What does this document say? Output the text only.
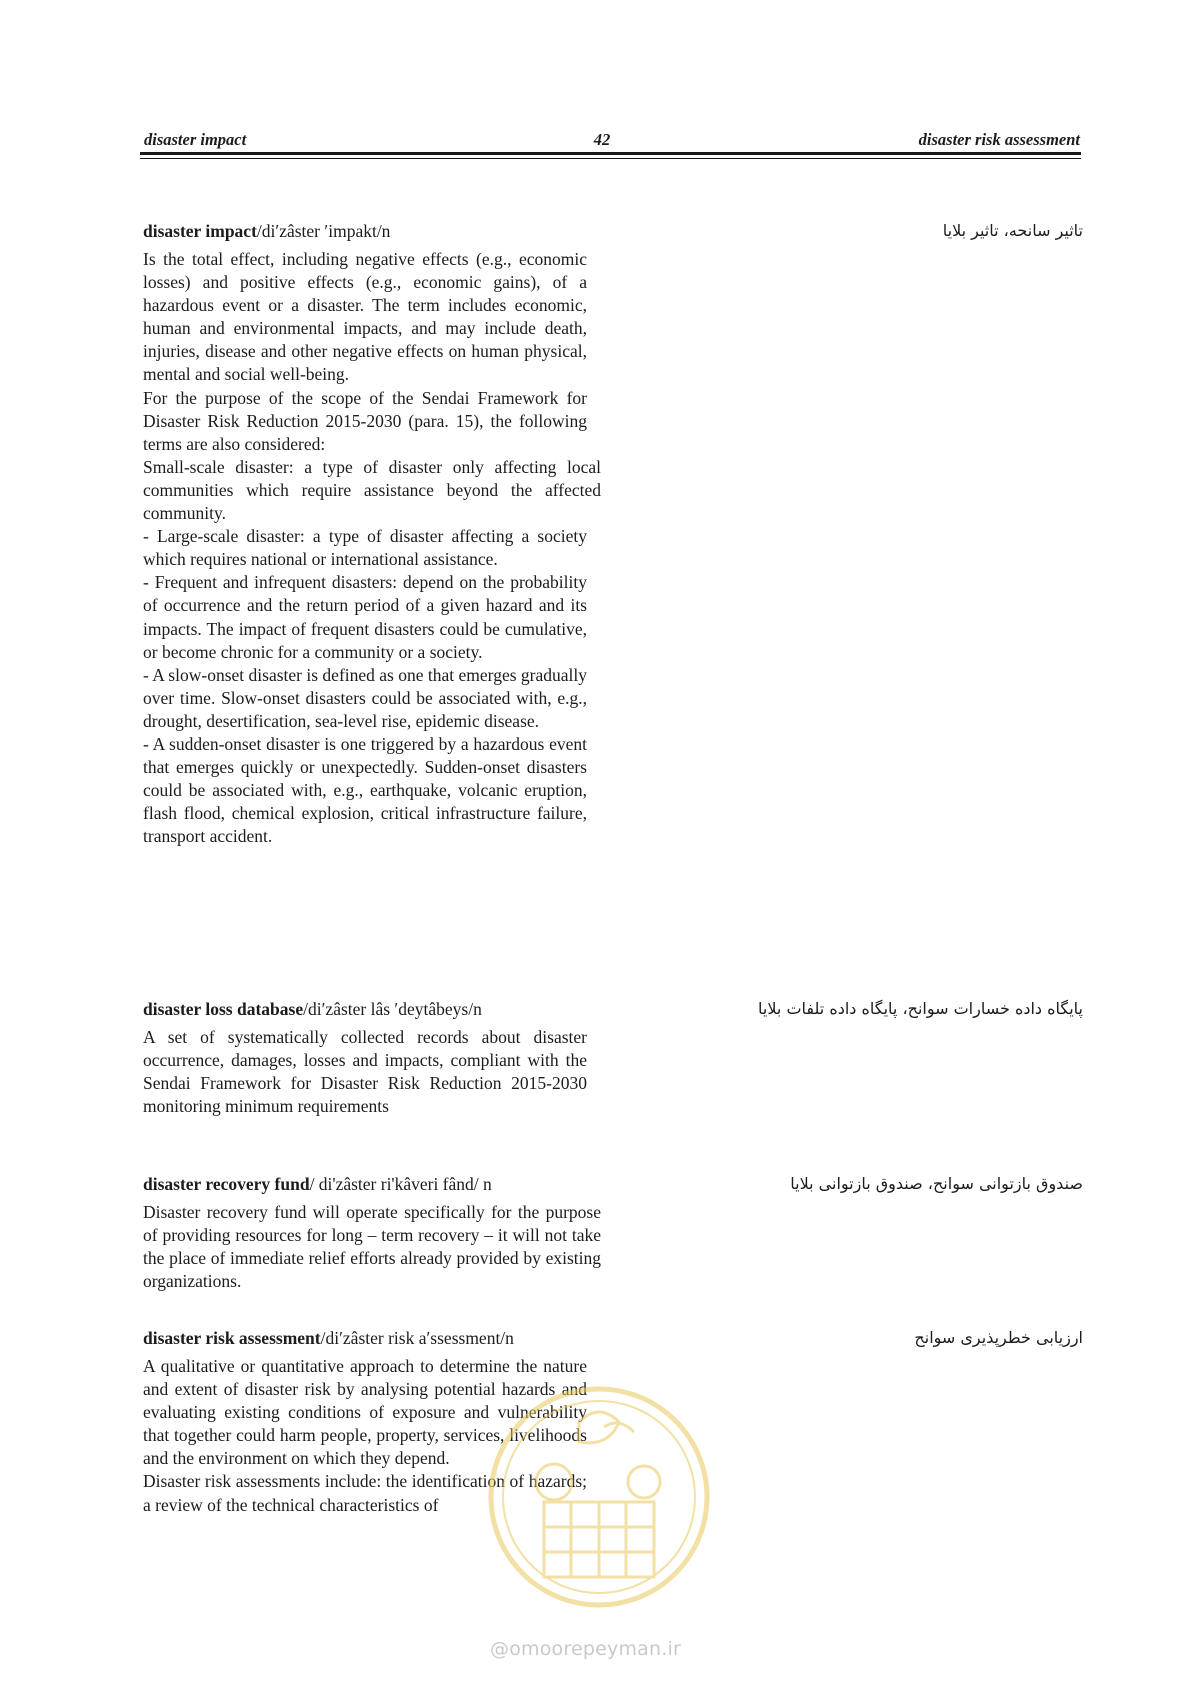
disaster impact	42	disaster risk assessment
disaster impact/di′zâster ′impakt/n

Is the total effect, including negative effects (e.g., economic losses) and positive effects (e.g., economic gains), of a hazardous event or a disaster. The term includes economic, human and environmental impacts, and may include death, injuries, disease and other negative effects on human physical, mental and social well-being.

For the purpose of the scope of the Sendai Framework for Disaster Risk Reduction 2015-2030 (para. 15), the following terms are also considered:

Small-scale disaster: a type of disaster only affecting local communities which require assistance beyond the affected community.

- Large-scale disaster: a type of disaster affecting a society which requires national or international assistance.

- Frequent and infrequent disasters: depend on the probability of occurrence and the return period of a given hazard and its impacts. The impact of frequent disasters could be cumulative, or become chronic for a community or a society.

- A slow-onset disaster is defined as one that emerges gradually over time. Slow-onset disasters could be associated with, e.g., drought, desertification, sea-level rise, epidemic disease.

- A sudden-onset disaster is one triggered by a hazardous event that emerges quickly or unexpectedly. Sudden-onset disasters could be associated with, e.g., earthquake, volcanic eruption, flash flood, chemical explosion, critical infrastructure failure, transport accident.

تاثیر سانحه، تاثیر بلایا
disaster loss database/di′zâster lâs ′deytâbeys/n

A set of systematically collected records about disaster occurrence, damages, losses and impacts, compliant with the Sendai Framework for Disaster Risk Reduction 2015-2030 monitoring minimum requirements

پایگاه داده خسارات سوانح، پایگاه داده تلفات بلایا
disaster recovery fund/ di'zâster ri'kâveri fând/ n

Disaster recovery fund will operate specifically for the purpose of providing resources for long – term recovery – it will not take the place of immediate relief efforts already provided by existing organizations.

صندوق بازتوانی سوانح، صندوق بازتوانی بلایا
disaster risk assessment/di′zâster risk a′ssessment/n

A qualitative or quantitative approach to determine the nature and extent of disaster risk by analysing potential hazards and evaluating existing conditions of exposure and vulnerability that together could harm people, property, services, livelihoods and the environment on which they depend.

Disaster risk assessments include: the identification of hazards; a review of the technical characteristics of

ارزیابی خطرپذیری سوانح
@omoorepeyman.ir
